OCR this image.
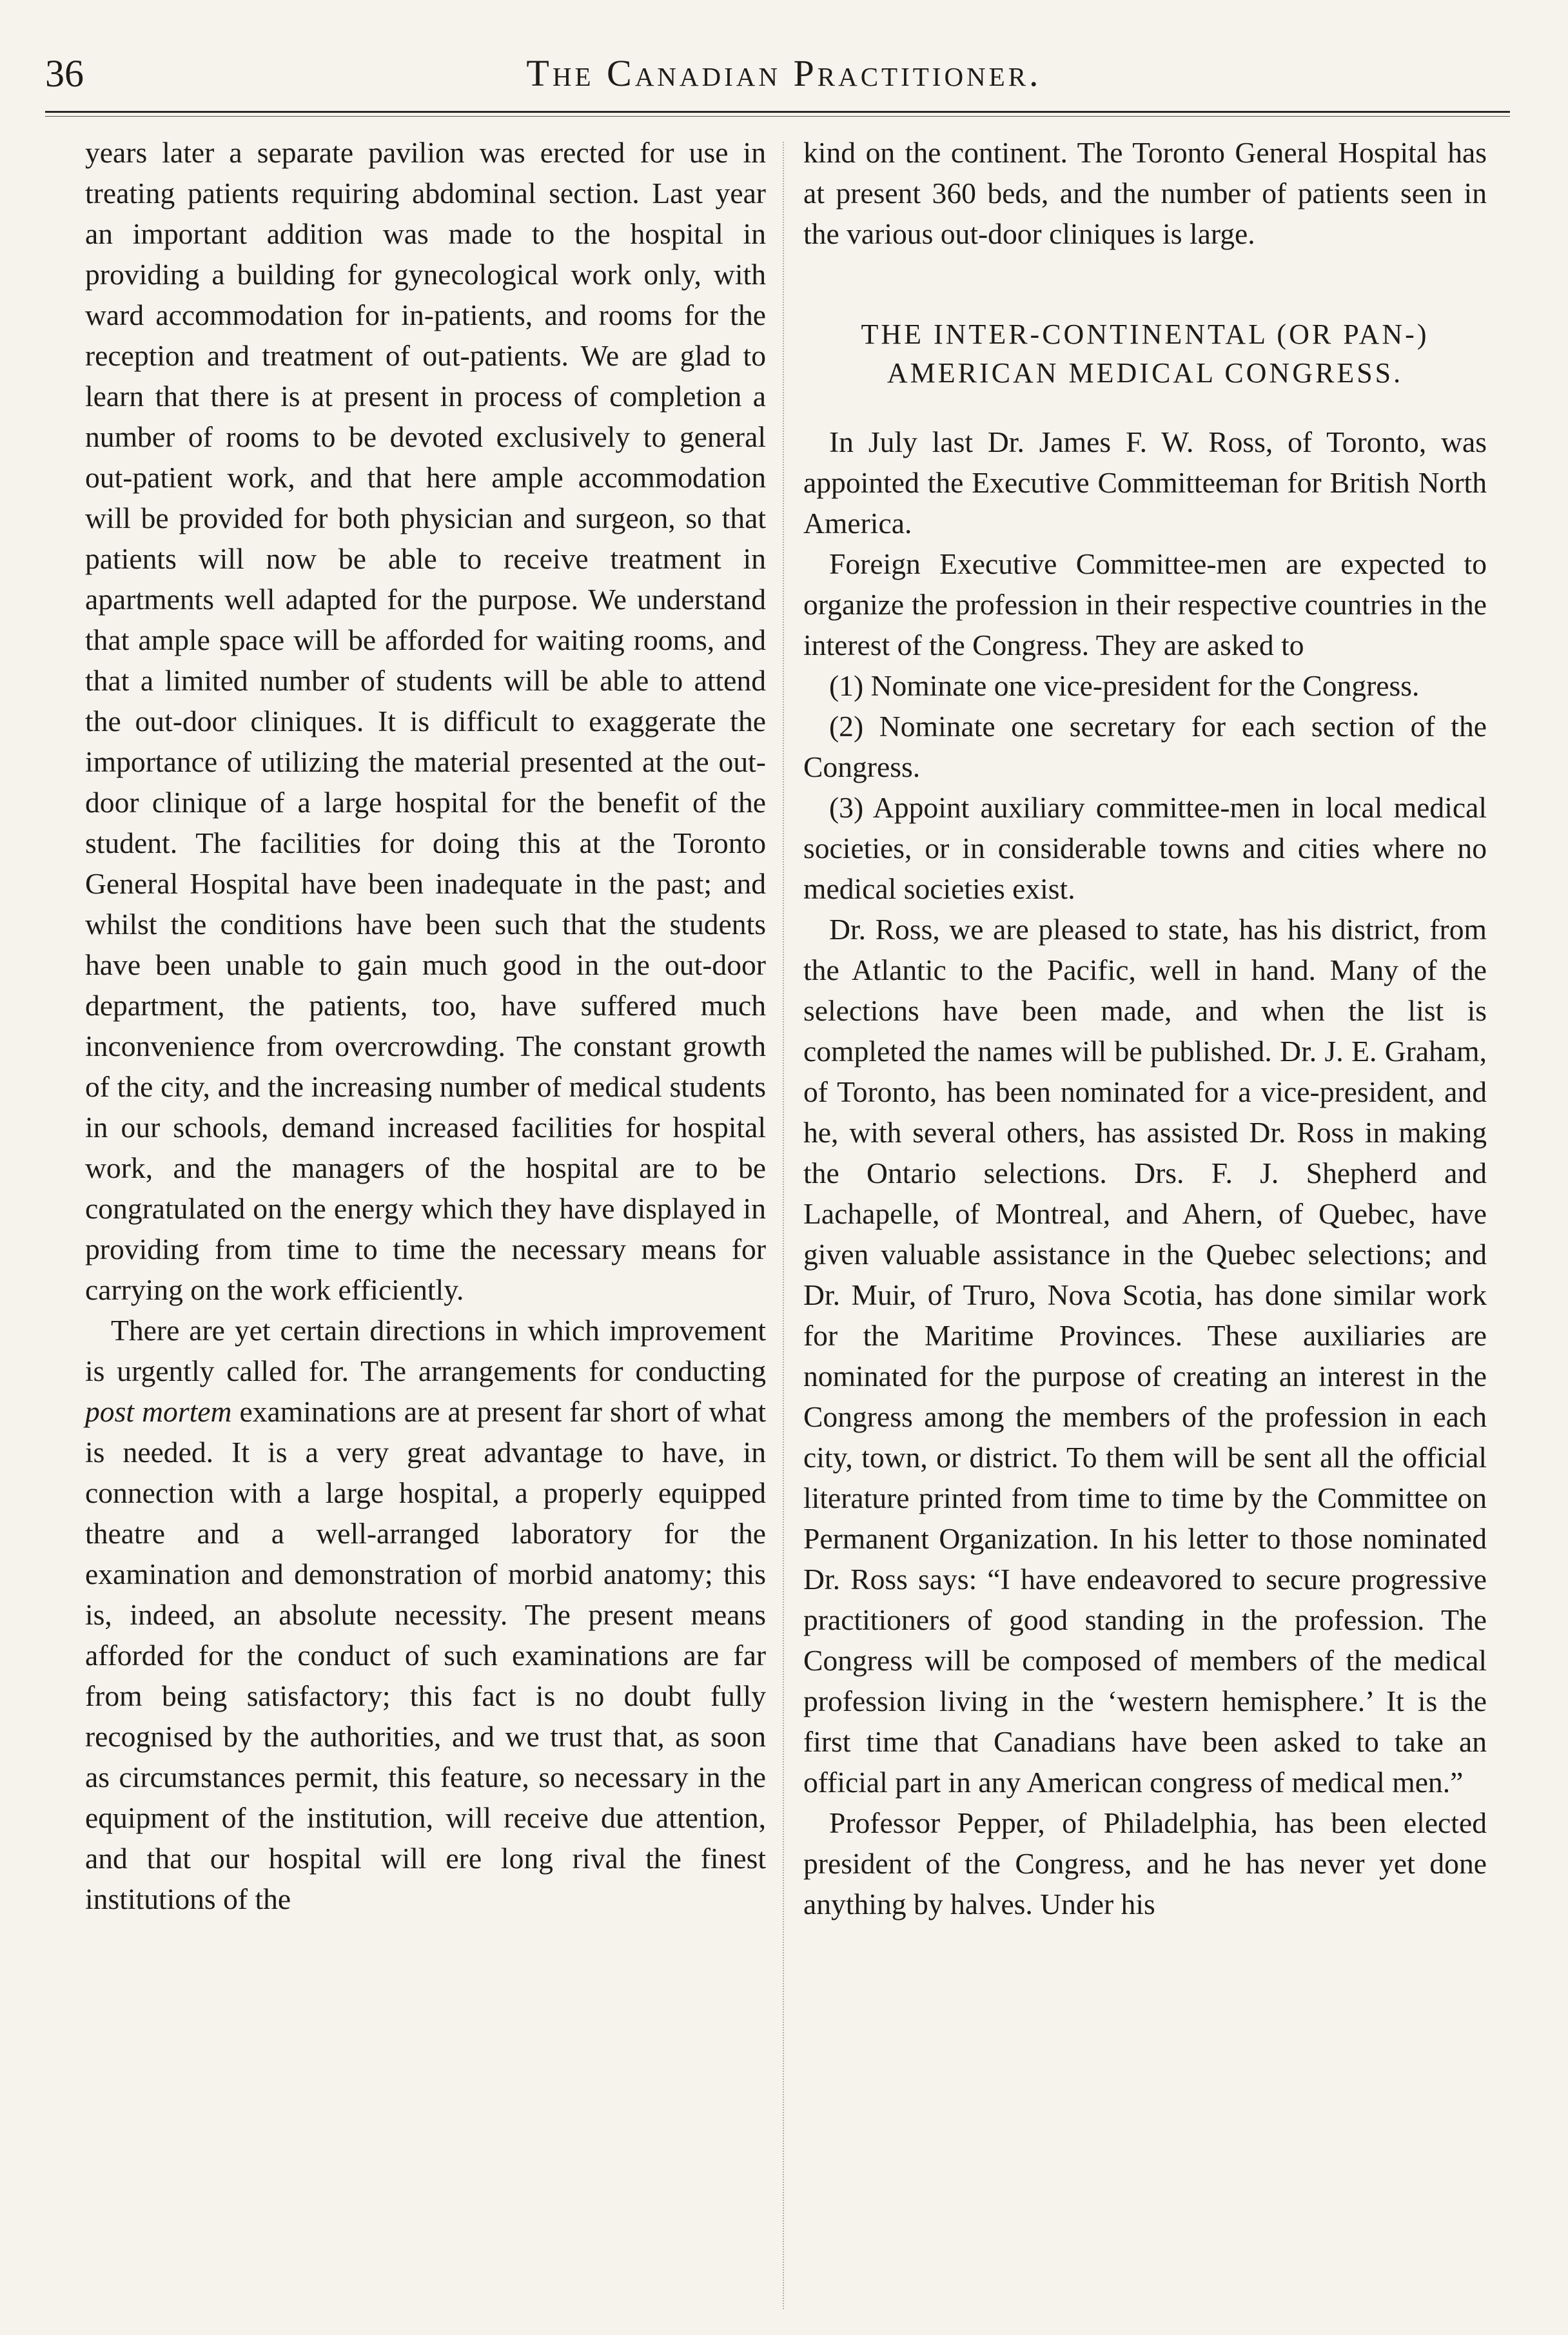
36	The Canadian Practitioner.

years later a separate pavilion was erected for use in treating patients requiring abdominal section. Last year an important addition was made to the hospital in providing a building for gynecological work only, with ward accommodation for in-patients, and rooms for the reception and treatment of out-patients. We are glad to learn that there is at present in process of completion a number of rooms to be devoted exclusively to general out-patient work, and that here ample accommodation will be provided for both physician and surgeon, so that patients will now be able to receive treatment in apartments well adapted for the purpose. We understand that ample space will be afforded for waiting rooms, and that a limited number of students will be able to attend the out-door cliniques. It is difficult to exaggerate the importance of utilizing the material presented at the out-door clinique of a large hospital for the benefit of the student. The facilities for doing this at the Toronto General Hospital have been inadequate in the past; and whilst the conditions have been such that the students have been unable to gain much good in the out-door department, the patients, too, have suffered much inconvenience from overcrowding. The constant growth of the city, and the increasing number of medical students in our schools, demand increased facilities for hospital work, and the managers of the hospital are to be congratulated on the energy which they have displayed in providing from time to time the necessary means for carrying on the work efficiently.

There are yet certain directions in which improvement is urgently called for. The arrangements for conducting post mortem examinations are at present far short of what is needed. It is a very great advantage to have, in connection with a large hospital, a properly equipped theatre and a well-arranged laboratory for the examination and demonstration of morbid anatomy; this is, indeed, an absolute necessity. The present means afforded for the conduct of such examinations are far from being satisfactory; this fact is no doubt fully recognised by the authorities, and we trust that, as soon as circumstances permit, this feature, so necessary in the equipment of the institution, will receive due attention, and that our hospital will ere long rival the finest institutions of the

kind on the continent. The Toronto General Hospital has at present 360 beds, and the number of patients seen in the various out-door cliniques is large.

THE INTER-CONTINENTAL (OR PAN-) AMERICAN MEDICAL CONGRESS.

In July last Dr. James F. W. Ross, of Toronto, was appointed the Executive Committeeman for British North America.

Foreign Executive Committee-men are expected to organize the profession in their respective countries in the interest of the Congress. They are asked to

(1) Nominate one vice-president for the Congress.

(2) Nominate one secretary for each section of the Congress.

(3) Appoint auxiliary committee-men in local medical societies, or in considerable towns and cities where no medical societies exist.

Dr. Ross, we are pleased to state, has his district, from the Atlantic to the Pacific, well in hand. Many of the selections have been made, and when the list is completed the names will be published. Dr. J. E. Graham, of Toronto, has been nominated for a vice-president, and he, with several others, has assisted Dr. Ross in making the Ontario selections. Drs. F. J. Shepherd and Lachapelle, of Montreal, and Ahern, of Quebec, have given valuable assistance in the Quebec selections; and Dr. Muir, of Truro, Nova Scotia, has done similar work for the Maritime Provinces. These auxiliaries are nominated for the purpose of creating an interest in the Congress among the members of the profession in each city, town, or district. To them will be sent all the official literature printed from time to time by the Committee on Permanent Organization. In his letter to those nominated Dr. Ross says: “I have endeavored to secure progressive practitioners of good standing in the profession. The Congress will be composed of members of the medical profession living in the ‘western hemisphere.’ It is the first time that Canadians have been asked to take an official part in any American congress of medical men.”

Professor Pepper, of Philadelphia, has been elected president of the Congress, and he has never yet done anything by halves. Under his
